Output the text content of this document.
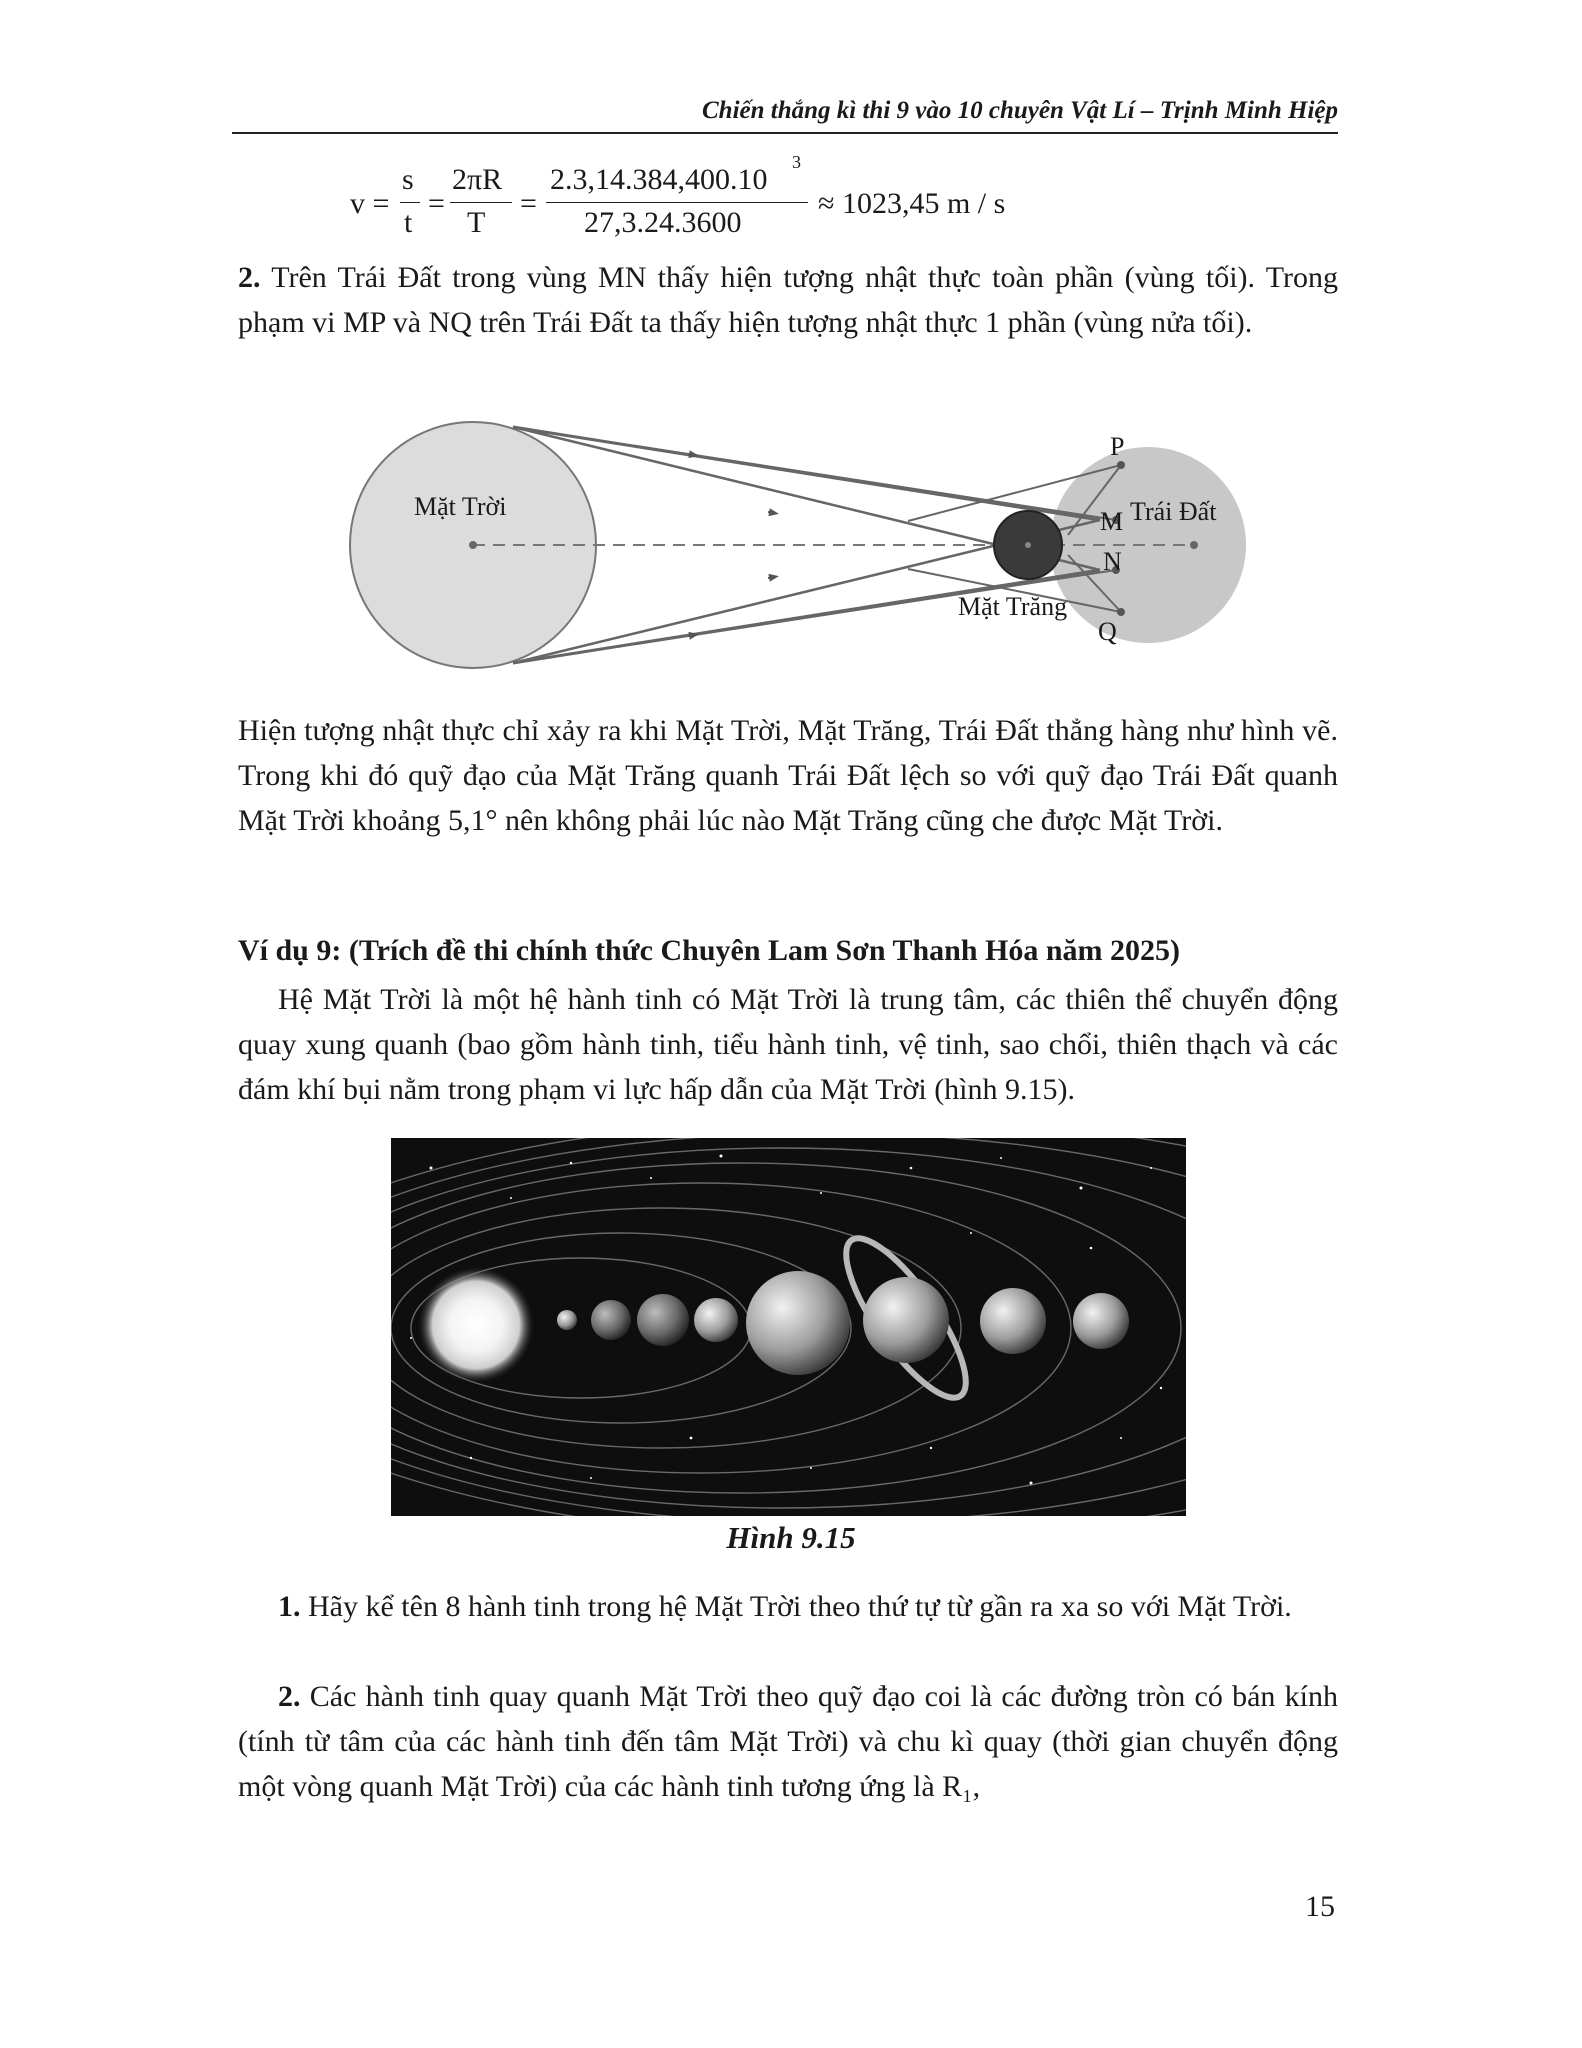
Chiến thắng kì thi 9 vào 10 chuyên Vật Lí – Trịnh Minh Hiệp
v =
s
t
=
2πR
T
=
2.3,14.384,400.10
3
27,3.24.3600
≈ 1023,45 m / s

2. Trên Trái Đất trong vùng MN thấy hiện tượng nhật thực toàn phần (vùng tối). Trong phạm vi MP và NQ trên Trái Đất ta thấy hiện tượng nhật thực 1 phần (vùng nửa tối).

Mặt Trời
Mặt Trăng
Trái Đất
P
M
N
Q

Hiện tượng nhật thực chỉ xảy ra khi Mặt Trời, Mặt Trăng, Trái Đất thẳng hàng như hình vẽ. Trong khi đó quỹ đạo của Mặt Trăng quanh Trái Đất lệch so với quỹ đạo Trái Đất quanh Mặt Trời khoảng 5,1° nên không phải lúc nào Mặt Trăng cũng che được Mặt Trời.

Ví dụ 9: (Trích đề thi chính thức Chuyên Lam Sơn Thanh Hóa năm 2025)

Hệ Mặt Trời là một hệ hành tinh có Mặt Trời là trung tâm, các thiên thể chuyển động quay xung quanh (bao gồm hành tinh, tiểu hành tinh, vệ tinh, sao chổi, thiên thạch và các đám khí bụi nằm trong phạm vi lực hấp dẫn của Mặt Trời (hình 9.15).

Hình 9.15

1. Hãy kể tên 8 hành tinh trong hệ Mặt Trời theo thứ tự từ gần ra xa so với Mặt Trời.

2. Các hành tinh quay quanh Mặt Trời theo quỹ đạo coi là các đường tròn có bán kính (tính từ tâm của các hành tinh đến tâm Mặt Trời) và chu kì quay (thời gian chuyển động một vòng quanh Mặt Trời) của các hành tinh tương ứng là R₁,

15
